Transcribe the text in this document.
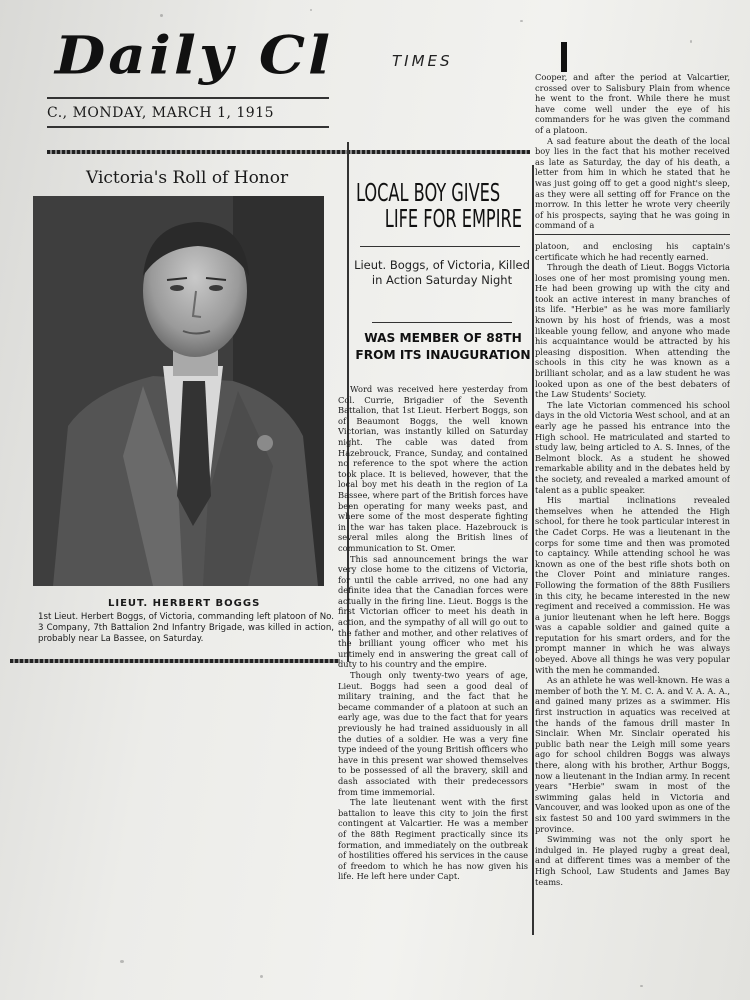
Daily Cl	TIMES
C., MONDAY, MARCH 1, 1915
Victoria's Roll of Honor
LIEUT. HERBERT BOGGS
1st Lieut. Herbert Boggs, of Victoria, commanding left platoon of No. 3 Company, 7th Battalion 2nd Infantry Brigade, was killed in action, probably near La Bassee, on Saturday.
LOCAL BOY GIVES
LIFE FOR EMPIRE
Lieut. Boggs, of Victoria, Killed in Action Saturday Night
WAS MEMBER OF 88TH FROM ITS INAUGURATION

Word was received here yesterday from Col. Currie, Brigadier of the Seventh Battalion, that 1st Lieut. Herbert Boggs, son of Beaumont Boggs, the well known Victorian, was instantly killed on Saturday night. The cable was dated from Hazebrouck, France, Sunday, and contained no reference to the spot where the action took place. It is believed, however, that the local boy met his death in the region of La Bassee, where part of the British forces have been operating for many weeks past, and where some of the most desperate fighting in the war has taken place. Hazebrouck is several miles along the British lines of communication to St. Omer.

This sad announcement brings the war very close home to the citizens of Victoria, for until the cable arrived, no one had any definite idea that the Canadian forces were actually in the firing line. Lieut. Boggs is the first Victorian officer to meet his death in action, and the sympathy of all will go out to the father and mother, and other relatives of the brilliant young officer who met his untimely end in answering the great call of duty to his country and the empire.

Though only twenty-two years of age, Lieut. Boggs had seen a good deal of military training, and the fact that he became commander of a platoon at such an early age, was due to the fact that for years previously he had trained assiduously in all the duties of a soldier. He was a very fine type indeed of the young British officers who have in this present war showed themselves to be possessed of all the bravery, skill and dash associated with their predecessors from time immemorial.

The late lieutenant went with the first battalion to leave this city to join the first contingent at Valcartier. He was a member of the 88th Regiment practically since its formation, and immediately on the outbreak of hostilities offered his services in the cause of freedom to which he has now given his life. He left here under Capt.

Cooper, and after the period at Valcartier, crossed over to Salisbury Plain from whence he went to the front. While there he must have come well under the eye of his commanders for he was given the command of a platoon.

A sad feature about the death of the local boy lies in the fact that his mother received as late as Saturday, the day of his death, a letter from him in which he stated that he was just going off to get a good night's sleep, as they were all setting off for France on the morrow. In this letter he wrote very cheerily of his prospects, saying that he was going in command of a

platoon, and enclosing his captain's certificate which he had recently earned.

Through the death of Lieut. Boggs Victoria loses one of her most promising young men. He had been growing up with the city and took an active interest in many branches of its life. "Herbie" as he was more familiarly known by his host of friends, was a most likeable young fellow, and anyone who made his acquaintance would be attracted by his pleasing disposition. When attending the schools in this city he was known as a brilliant scholar, and as a law student he was looked upon as one of the best debaters of the Law Students' Society.

The late Victorian commenced his school days in the old Victoria West school, and at an early age he passed his entrance into the High school. He matriculated and started to study law, being articled to A. S. Innes, of the Belmont block. As a student he showed remarkable ability and in the debates held by the society, and revealed a marked amount of talent as a public speaker.

His martial inclinations revealed themselves when he attended the High school, for there he took particular interest in the Cadet Corps. He was a lieutenant in the corps for some time and then was promoted to captaincy. While attending school he was known as one of the best rifle shots both on the Clover Point and miniature ranges. Following the formation of the 88th Fusiliers in this city, he became interested in the new regiment and received a commission. He was a junior lieutenant when he left here. Boggs was a capable soldier and gained quite a reputation for his smart orders, and for the prompt manner in which he was always obeyed. Above all things he was very popular with the men he commanded.

As an athlete he was well-known. He was a member of both the Y. M. C. A. and V. A. A. A., and gained many prizes as a swimmer. His first instruction in aquatics was received at the hands of the famous drill master In Sinclair. When Mr. Sinclair operated his public bath near the Leigh mill some years ago for school children Boggs was always there, along with his brother, Arthur Boggs, now a lieutenant in the Indian army. In recent years "Herbie" swam in most of the swimming galas held in Victoria and Vancouver, and was looked upon as one of the six fastest 50 and 100 yard swimmers in the province.

Swimming was not the only sport he indulged in. He played rugby a great deal, and at different times was a member of the High School, Law Students and James Bay teams.
